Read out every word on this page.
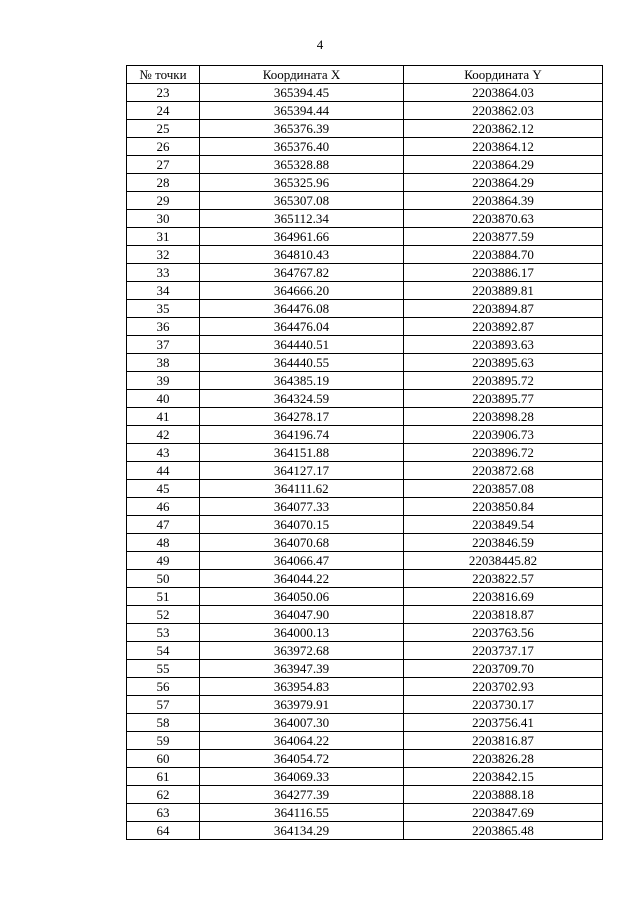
4
№ точки	Координата X	Координата Y
23	365394.45	2203864.03
24	365394.44	2203862.03
25	365376.39	2203862.12
26	365376.40	2203864.12
27	365328.88	2203864.29
28	365325.96	2203864.29
29	365307.08	2203864.39
30	365112.34	2203870.63
31	364961.66	2203877.59
32	364810.43	2203884.70
33	364767.82	2203886.17
34	364666.20	2203889.81
35	364476.08	2203894.87
36	364476.04	2203892.87
37	364440.51	2203893.63
38	364440.55	2203895.63
39	364385.19	2203895.72
40	364324.59	2203895.77
41	364278.17	2203898.28
42	364196.74	2203906.73
43	364151.88	2203896.72
44	364127.17	2203872.68
45	364111.62	2203857.08
46	364077.33	2203850.84
47	364070.15	2203849.54
48	364070.68	2203846.59
49	364066.47	22038445.82
50	364044.22	2203822.57
51	364050.06	2203816.69
52	364047.90	2203818.87
53	364000.13	2203763.56
54	363972.68	2203737.17
55	363947.39	2203709.70
56	363954.83	2203702.93
57	363979.91	2203730.17
58	364007.30	2203756.41
59	364064.22	2203816.87
60	364054.72	2203826.28
61	364069.33	2203842.15
62	364277.39	2203888.18
63	364116.55	2203847.69
64	364134.29	2203865.48
